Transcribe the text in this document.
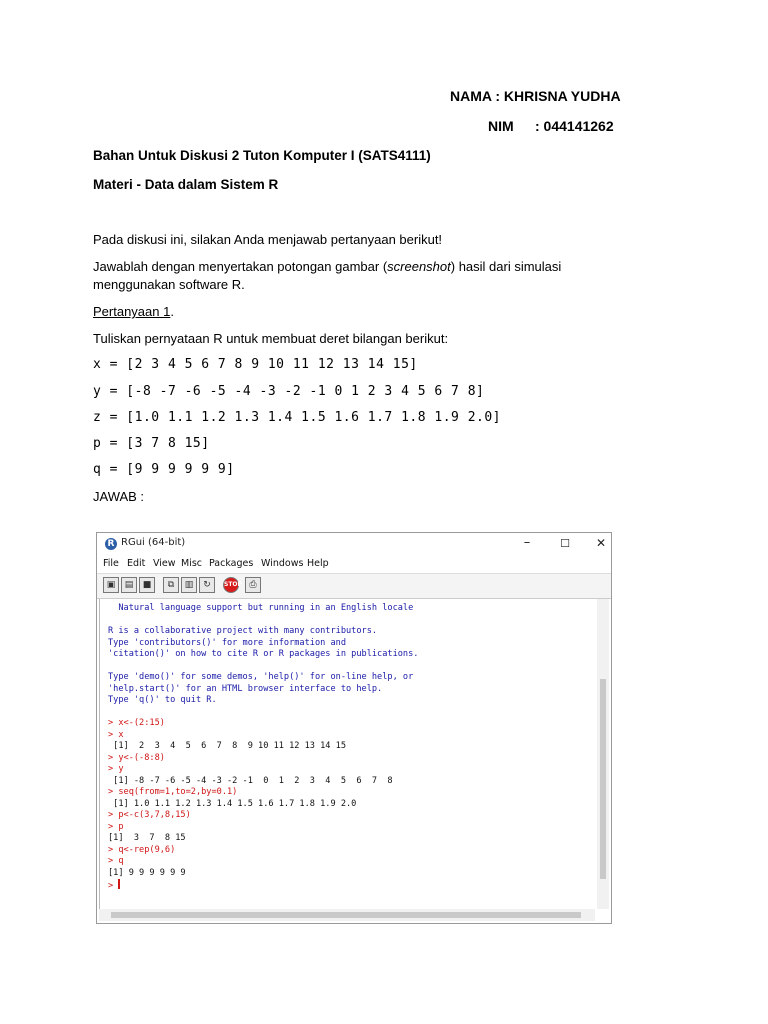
NAMA : KHRISNA YUDHA
NIM : 044141262
Bahan Untuk Diskusi 2 Tuton Komputer I (SATS4111)
Materi - Data dalam Sistem R
Pada diskusi ini, silakan Anda menjawab pertanyaan berikut!
Jawablah dengan menyertakan potongan gambar (screenshot) hasil dari simulasi
menggunakan software R.
Pertanyaan 1.
Tuliskan pernyataan R untuk membuat deret bilangan berikut:
x = [2 3 4 5 6 7 8 9 10 11 12 13 14 15]
y = [-8 -7 -6 -5 -4 -3 -2 -1 0 1 2 3 4 5 6 7 8]
z = [1.0 1.1 1.2 1.3 1.4 1.5 1.6 1.7 1.8 1.9 2.0]
p = [3 7 8 15]
q = [9 9 9 9 9 9]
JAWAB :
R RGui (64-bit)	–	☐	✕
File Edit View Misc Packages Windows Help
▣	▤	■	⧉	▥	↻	STOP ⎙
Natural language support but running in an English locale
R is a collaborative project with many contributors.
Type 'contributors()' for more information and
'citation()' on how to cite R or R packages in publications.
Type 'demo()' for some demos, 'help()' for on-line help, or
'help.start()' for an HTML browser interface to help.
Type 'q()' to quit R.
> x<-(2:15)
> x
[1]  2  3  4  5  6  7  8  9 10 11 12 13 14 15
> y<-(-8:8)
> y
[1] -8 -7 -6 -5 -4 -3 -2 -1  0  1  2  3  4  5  6  7  8
> seq(from=1,to=2,by=0.1)
[1] 1.0 1.1 1.2 1.3 1.4 1.5 1.6 1.7 1.8 1.9 2.0
> p<-c(3,7,8,15)
> p
[1]  3  7  8 15
> q<-rep(9,6)
> q
[1] 9 9 9 9 9 9
>
